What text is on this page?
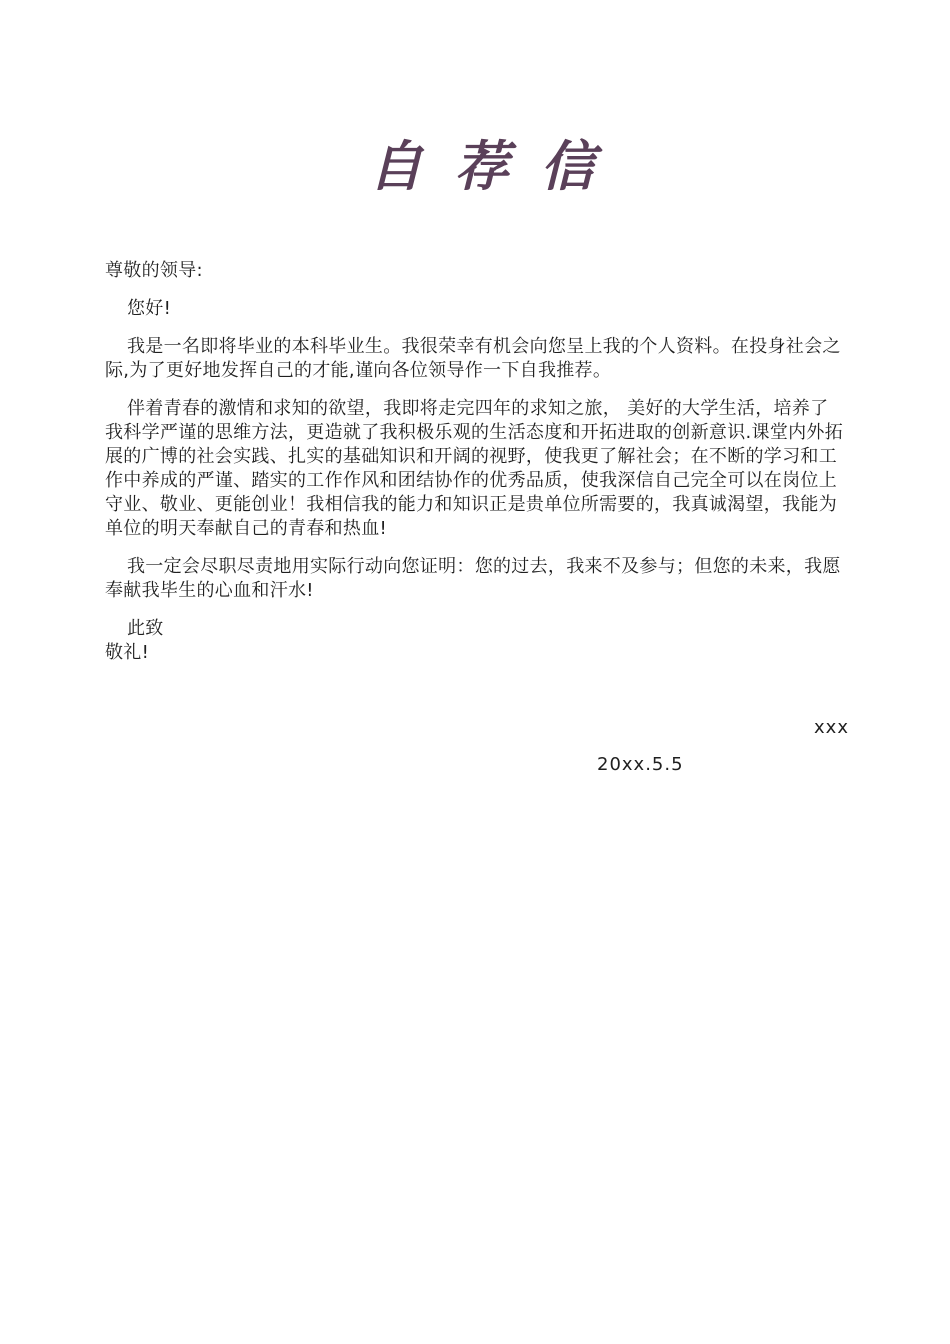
自荐信

尊敬的领导:

您好!

我是一名即将毕业的本科毕业生。我很荣幸有机会向您呈上我的个人资料。在投身社会之际,为了更好地发挥自己的才能,谨向各位领导作一下自我推荐。

伴着青春的激情和求知的欲望，我即将走完四年的求知之旅， 美好的大学生活，培养了我科学严谨的思维方法，更造就了我积极乐观的生活态度和开拓进取的创新意识.课堂内外拓展的广博的社会实践、扎实的基础知识和开阔的视野，使我更了解社会；在不断的学习和工作中养成的严谨、踏实的工作作风和团结协作的优秀品质，使我深信自己完全可以在岗位上守业、敬业、更能创业！我相信我的能力和知识正是贵单位所需要的，我真诚渴望，我能为单位的明天奉献自己的青春和热血!

我一定会尽职尽责地用实际行动向您证明：您的过去，我来不及参与；但您的未来，我愿奉献我毕生的心血和汗水!

此致

敬礼!

xxx
20xx.5.5
